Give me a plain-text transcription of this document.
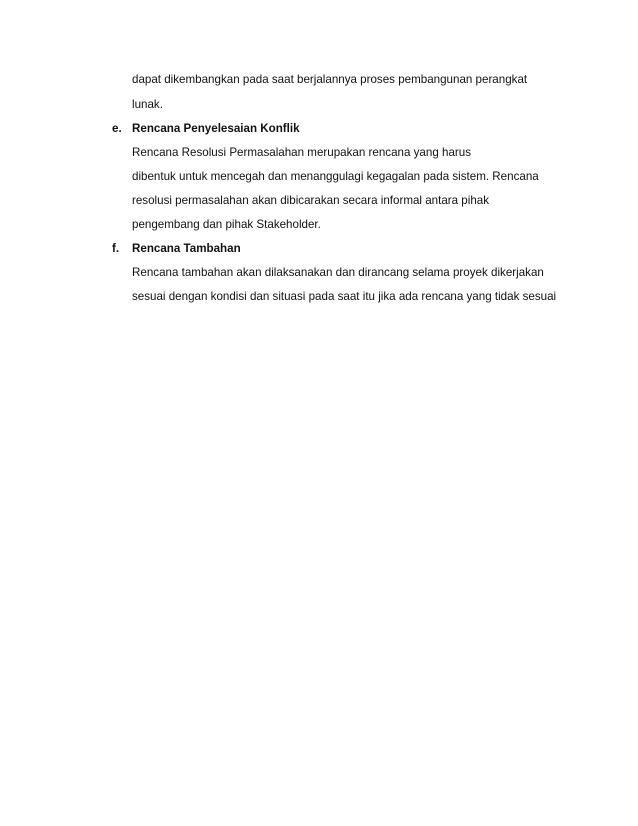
dapat dikembangkan pada saat berjalannya proses pembangunan perangkat
lunak.
e. Rencana Penyelesaian Konflik
Rencana Resolusi Permasalahan merupakan rencana yang harus
dibentuk untuk mencegah dan menanggulagi kegagalan pada sistem. Rencana
resolusi permasalahan akan dibicarakan secara informal antara pihak
pengembang dan pihak Stakeholder.
f. Rencana Tambahan
Rencana tambahan akan dilaksanakan dan dirancang selama proyek dikerjakan
sesuai dengan kondisi dan situasi pada saat itu jika ada rencana yang tidak sesuai
